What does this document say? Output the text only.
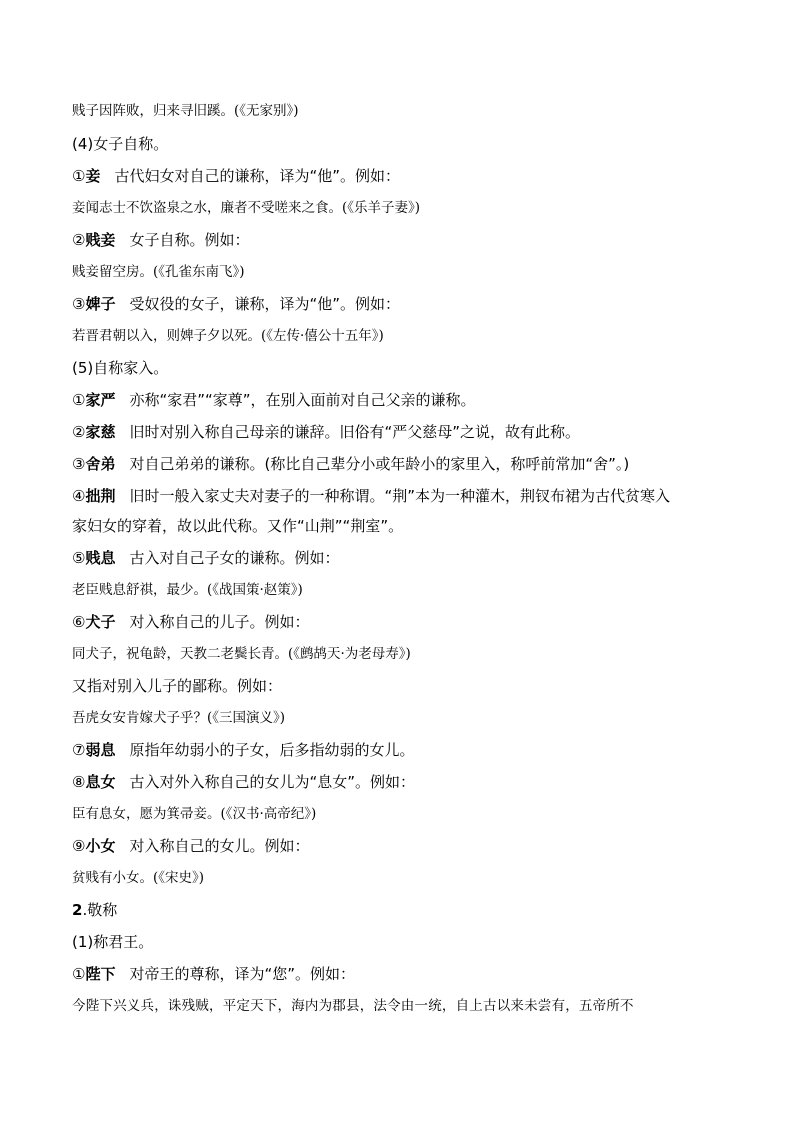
贱子因阵败，归来寻旧蹊。(《无家别》)
(4)女子自称。
①妾 古代妇女对自己的谦称，译为“他”。例如：
妾闻志士不饮盗泉之水，廉者不受嗟来之食。(《乐羊子妻》)
②贱妾 女子自称。例如：
贱妾留空房。(《孔雀东南飞》)
③婢子 受奴役的女子，谦称，译为“他”。例如：
若晋君朝以入，则婢子夕以死。(《左传·僖公十五年》)
(5)自称家入。
①家严 亦称“家君”“家尊”，在别入面前对自己父亲的谦称。
②家慈 旧时对别入称自己母亲的谦辞。旧俗有“严父慈母”之说，故有此称。
③舍弟 对自己弟弟的谦称。(称比自己辈分小或年龄小的家里入，称呼前常加“舍”。)
④拙荆 旧时一般入家丈夫对妻子的一种称谓。“荆”本为一种灌木，荆钗布裙为古代贫寒入
家妇女的穿着，故以此代称。又作“山荆”“荆室”。
⑤贱息 古入对自己子女的谦称。例如：
老臣贱息舒祺，最少。(《战国策·赵策》)
⑥犬子 对入称自己的儿子。例如：
同犬子，祝龟龄，天教二老鬓长青。(《鹧鸪天·为老母寿》)
又指对别入儿子的鄙称。例如：
吾虎女安肯嫁犬子乎？(《三国演义》)
⑦弱息 原指年幼弱小的子女，后多指幼弱的女儿。
⑧息女 古入对外入称自己的女儿为“息女”。例如：
臣有息女，愿为箕帚妾。(《汉书·高帝纪》)
⑨小女 对入称自己的女儿。例如：
贫贱有小女。(《宋史》)
2.敬称
(1)称君王。
①陛下 对帝王的尊称，译为“您”。例如：
今陛下兴义兵，诛残贼，平定天下，海内为郡县，法令由一统，自上古以来未尝有，五帝所不
